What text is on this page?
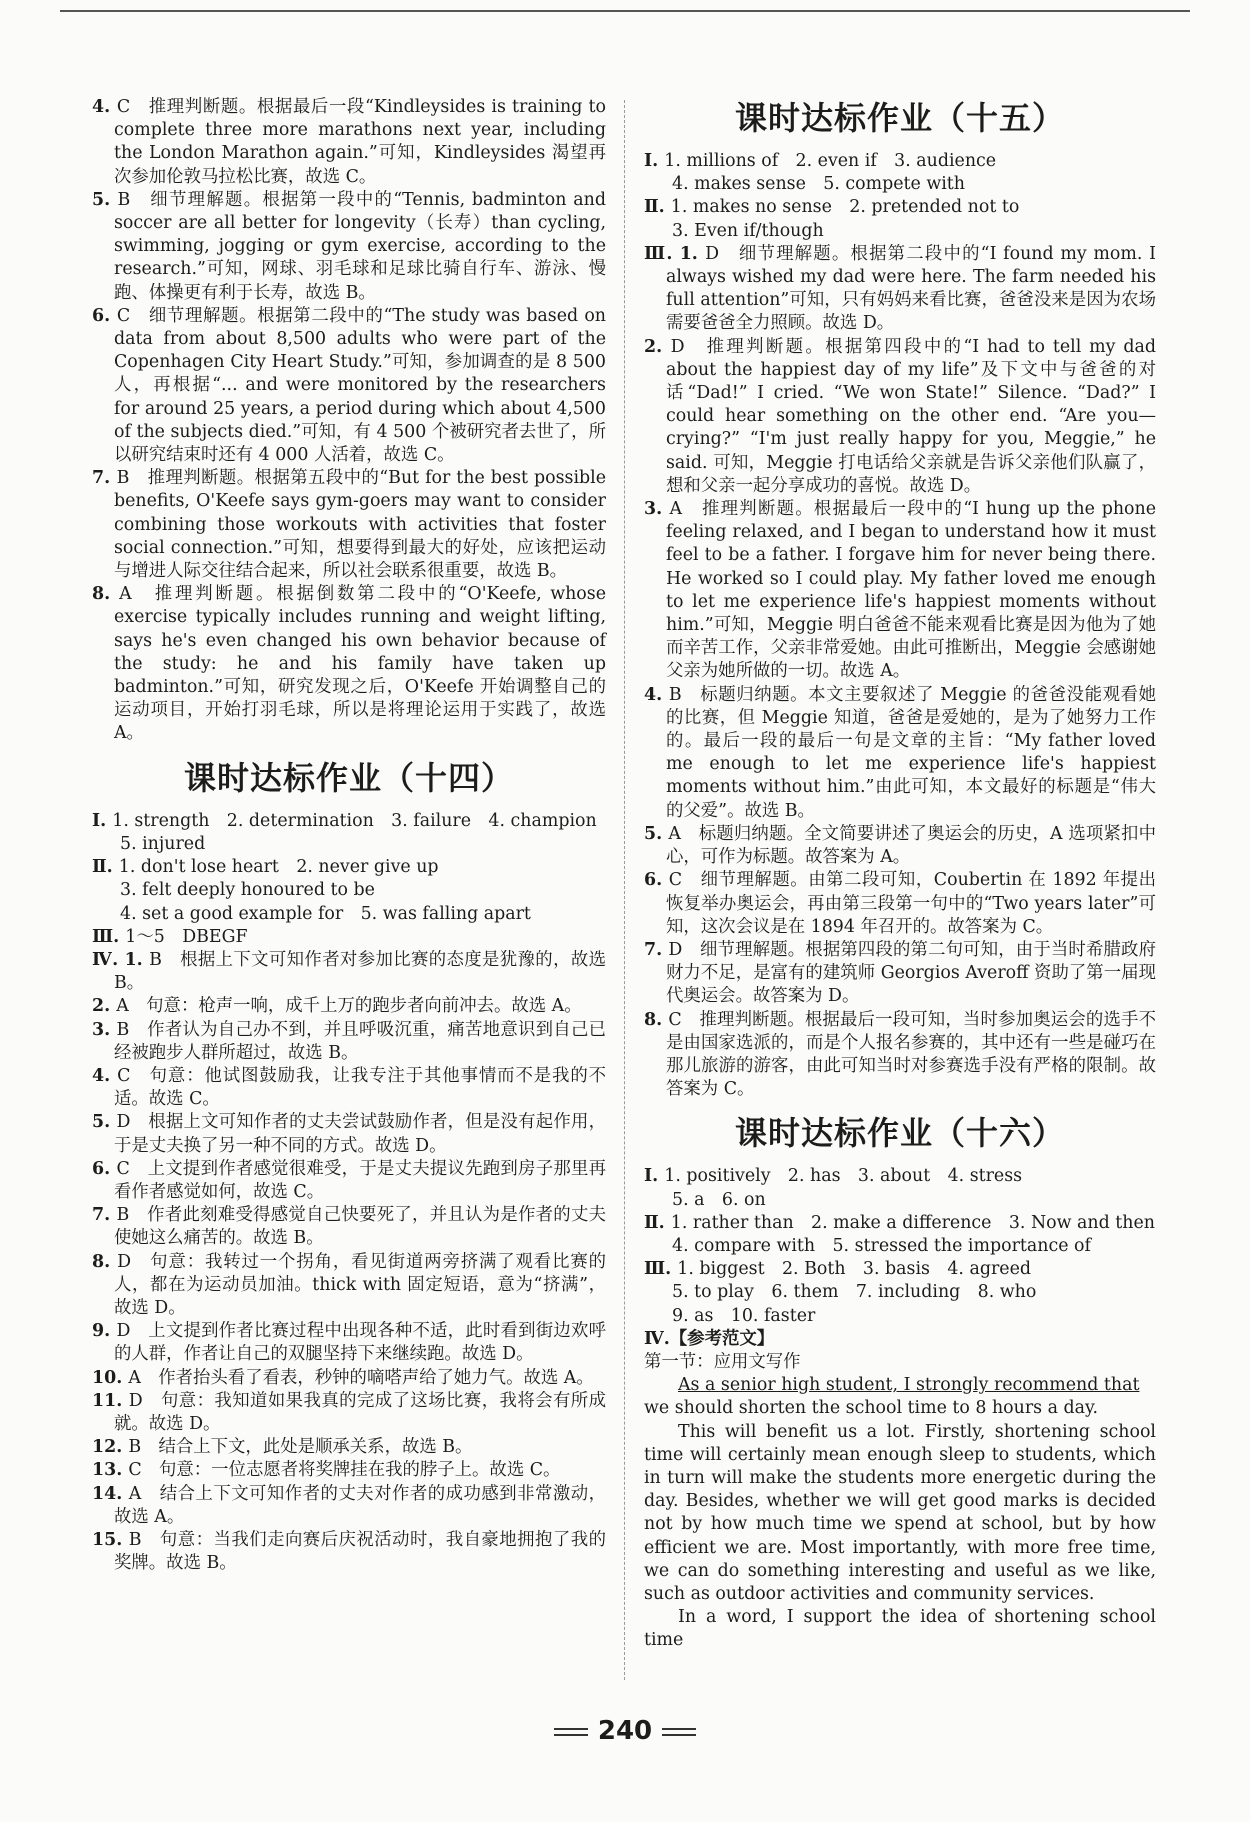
4. C　推理判断题。根据最后一段“Kindleysides is training to complete three more marathons next year, including the London Marathon again.”可知，Kindleysides 渴望再次参加伦敦马拉松比赛，故选 C。

5. B　细节理解题。根据第一段中的“Tennis, badminton and soccer are all better for longevity（长寿）than cycling, swimming, jogging or gym exercise, according to the research.”可知，网球、羽毛球和足球比骑自行车、游泳、慢跑、体操更有利于长寿，故选 B。

6. C　细节理解题。根据第二段中的“The study was based on data from about 8,500 adults who were part of the Copenhagen City Heart Study.”可知，参加调查的是 8 500 人，再根据“... and were monitored by the researchers for around 25 years, a period during which about 4,500 of the subjects died.”可知，有 4 500 个被研究者去世了，所以研究结束时还有 4 000 人活着，故选 C。

7. B　推理判断题。根据第五段中的“But for the best possible benefits, O'Keefe says gym-goers may want to consider combining those workouts with activities that foster social connection.”可知，想要得到最大的好处，应该把运动与增进人际交往结合起来，所以社会联系很重要，故选 B。

8. A　推理判断题。根据倒数第二段中的“O'Keefe, whose exercise typically includes running and weight lifting, says he's even changed his own behavior because of the study: he and his family have taken up badminton.”可知，研究发现之后，O'Keefe 开始调整自己的运动项目，开始打羽毛球，所以是将理论运用于实践了，故选 A。

课时达标作业（十四）
Ⅰ. 1. strength　2. determination　3. failure　4. champion
5. injured
Ⅱ. 1. don't lose heart　2. never give up
3. felt deeply honoured to be
4. set a good example for　5. was falling apart
Ⅲ. 1～5　DBEGF

Ⅳ. 1. B　根据上下文可知作者对参加比赛的态度是犹豫的，故选 B。

2. A　句意：枪声一响，成千上万的跑步者向前冲去。故选 A。

3. B　作者认为自己办不到，并且呼吸沉重，痛苦地意识到自己已经被跑步人群所超过，故选 B。

4. C　句意：他试图鼓励我，让我专注于其他事情而不是我的不适。故选 C。

5. D　根据上文可知作者的丈夫尝试鼓励作者，但是没有起作用，于是丈夫换了另一种不同的方式。故选 D。

6. C　上文提到作者感觉很难受，于是丈夫提议先跑到房子那里再看作者感觉如何，故选 C。

7. B　作者此刻难受得感觉自己快要死了，并且认为是作者的丈夫使她这么痛苦的。故选 B。

8. D　句意：我转过一个拐角，看见街道两旁挤满了观看比赛的人，都在为运动员加油。thick with 固定短语，意为“挤满”，故选 D。

9. D　上文提到作者比赛过程中出现各种不适，此时看到街边欢呼的人群，作者让自己的双腿坚持下来继续跑。故选 D。

10. A　作者抬头看了看表，秒钟的嘀嗒声给了她力气。故选 A。

11. D　句意：我知道如果我真的完成了这场比赛，我将会有所成就。故选 D。

12. B　结合上下文，此处是顺承关系，故选 B。

13. C　句意：一位志愿者将奖牌挂在我的脖子上。故选 C。

14. A　结合上下文可知作者的丈夫对作者的成功感到非常激动，故选 A。

15. B　句意：当我们走向赛后庆祝活动时，我自豪地拥抱了我的奖牌。故选 B。

课时达标作业（十五）
Ⅰ. 1. millions of　2. even if　3. audience
4. makes sense　5. compete with
Ⅱ. 1. makes no sense　2. pretended not to
3. Even if/though

Ⅲ. 1. D　细节理解题。根据第二段中的“I found my mom. I always wished my dad were here. The farm needed his full attention”可知，只有妈妈来看比赛，爸爸没来是因为农场需要爸爸全力照顾。故选 D。

2. D　推理判断题。根据第四段中的“I had to tell my dad about the happiest day of my life”及下文中与爸爸的对话“Dad!” I cried. “We won State!” Silence. “Dad?” I could hear something on the other end. “Are you—crying?” “I'm just really happy for you, Meggie,” he said. 可知，Meggie 打电话给父亲就是告诉父亲他们队赢了，想和父亲一起分享成功的喜悦。故选 D。

3. A　推理判断题。根据最后一段中的“I hung up the phone feeling relaxed, and I began to understand how it must feel to be a father. I forgave him for never being there. He worked so I could play. My father loved me enough to let me experience life's happiest moments without him.”可知，Meggie 明白爸爸不能来观看比赛是因为他为了她而辛苦工作，父亲非常爱她。由此可推断出，Meggie 会感谢她父亲为她所做的一切。故选 A。

4. B　标题归纳题。本文主要叙述了 Meggie 的爸爸没能观看她的比赛，但 Meggie 知道，爸爸是爱她的，是为了她努力工作的。最后一段的最后一句是文章的主旨：“My father loved me enough to let me experience life's happiest moments without him.”由此可知，本文最好的标题是“伟大的父爱”。故选 B。

5. A　标题归纳题。全文简要讲述了奥运会的历史，A 选项紧扣中心，可作为标题。故答案为 A。

6. C　细节理解题。由第二段可知，Coubertin 在 1892 年提出恢复举办奥运会，再由第三段第一句中的“Two years later”可知，这次会议是在 1894 年召开的。故答案为 C。

7. D　细节理解题。根据第四段的第二句可知，由于当时希腊政府财力不足，是富有的建筑师 Georgios Averoff 资助了第一届现代奥运会。故答案为 D。

8. C　推理判断题。根据最后一段可知，当时参加奥运会的选手不是由国家选派的，而是个人报名参赛的，其中还有一些是碰巧在那儿旅游的游客，由此可知当时对参赛选手没有严格的限制。故答案为 C。

课时达标作业（十六）
Ⅰ. 1. positively　2. has　3. about　4. stress
5. a　6. on
Ⅱ. 1. rather than　2. make a difference　3. Now and then
4. compare with　5. stressed the importance of
Ⅲ. 1. biggest　2. Both　3. basis　4. agreed
5. to play　6. them　7. including　8. who
9. as　10. faster
Ⅳ.【参考范文】
第一节：应用文写作

As a senior high student, I strongly recommend that

we should shorten the school time to 8 hours a day.

This will benefit us a lot. Firstly, shortening school time will certainly mean enough sleep to students, which in turn will make the students more energetic during the day. Besides, whether we will get good marks is decided not by how much time we spend at school, but by how efficient we are. Most importantly, with more free time, we can do something interesting and useful as we like, such as outdoor activities and community services.

In a word, I support the idea of shortening school time

240
